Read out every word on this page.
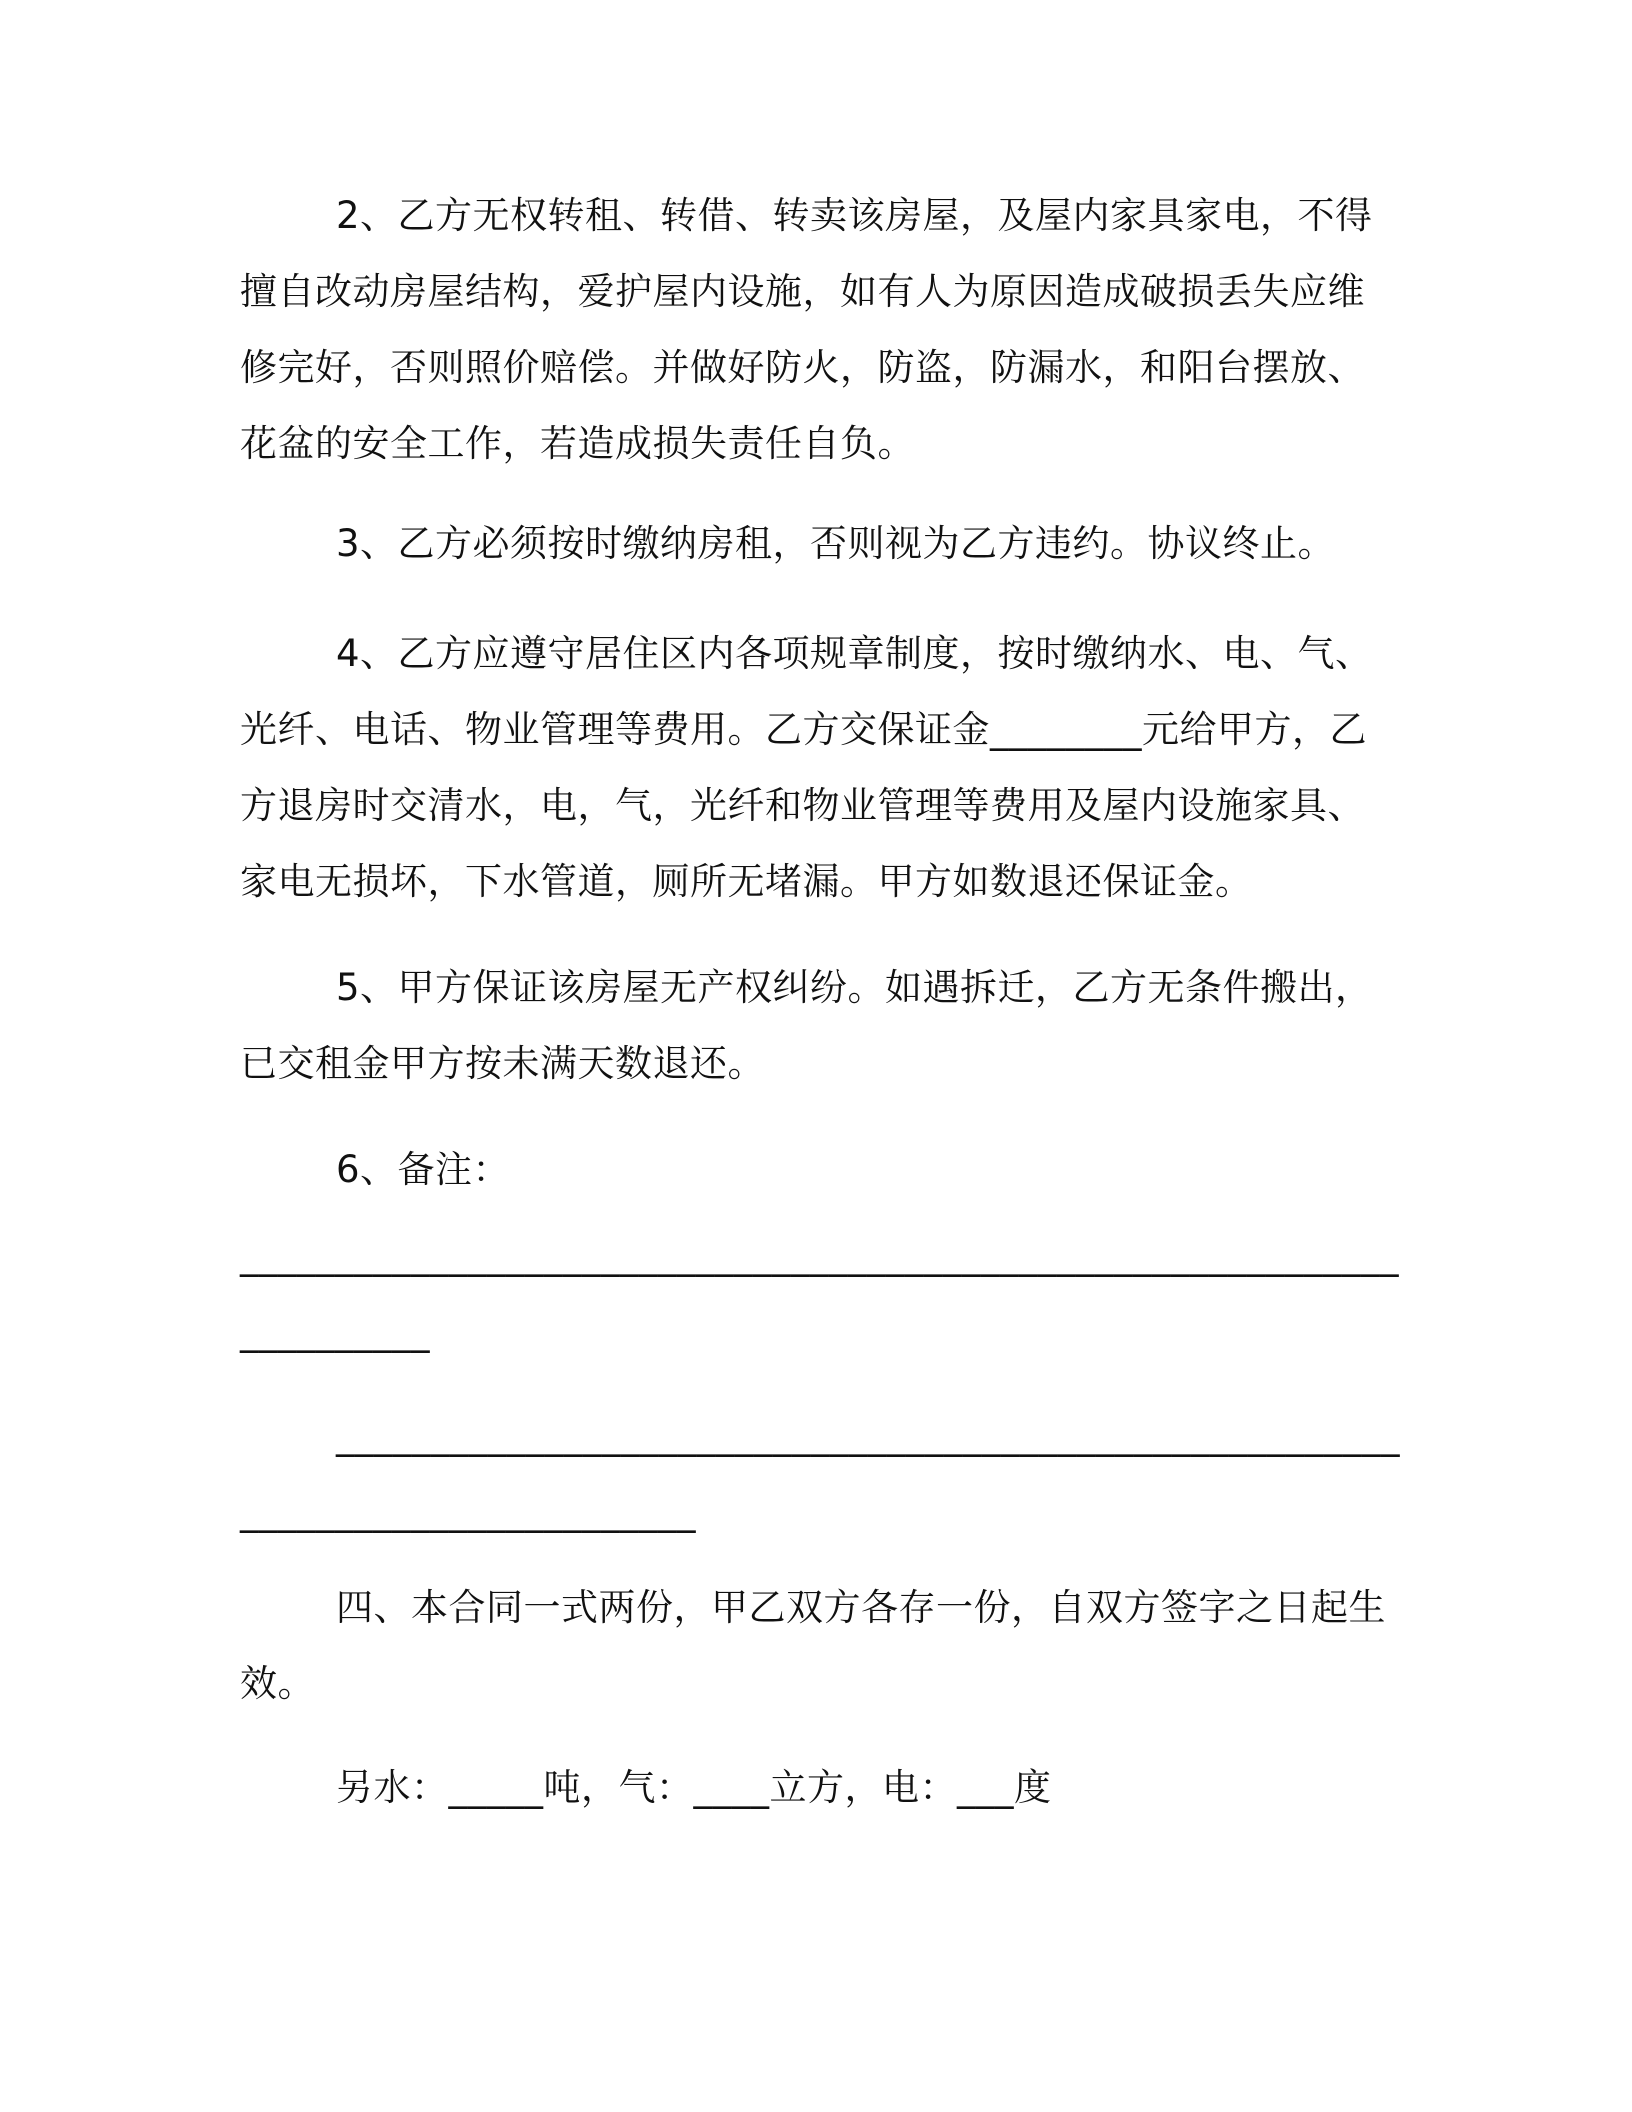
2、乙方无权转租、转借、转卖该房屋，及屋内家具家电，不得
擅自改动房屋结构，爱护屋内设施，如有人为原因造成破损丢失应维
修完好，否则照价赔偿。并做好防火，防盗，防漏水，和阳台摆放、
花盆的安全工作，若造成损失责任自负。
3、乙方必须按时缴纳房租，否则视为乙方违约。协议终止。
4、乙方应遵守居住区内各项规章制度，按时缴纳水、电、气、
光纤、电话、物业管理等费用。乙方交保证金________元给甲方，乙
方退房时交清水，电，气，光纤和物业管理等费用及屋内设施家具、
家电无损坏，下水管道，厕所无堵漏。甲方如数退还保证金。
5、甲方保证该房屋无产权纠纷。如遇拆迁，乙方无条件搬出，
已交租金甲方按未满天数退还。
6、备注：
_____________________________________________________________
__________
________________________________________________________
________________________
四、本合同一式两份，甲乙双方各存一份，自双方签字之日起生
效。
另水：_____吨，气：____立方，电：___度
